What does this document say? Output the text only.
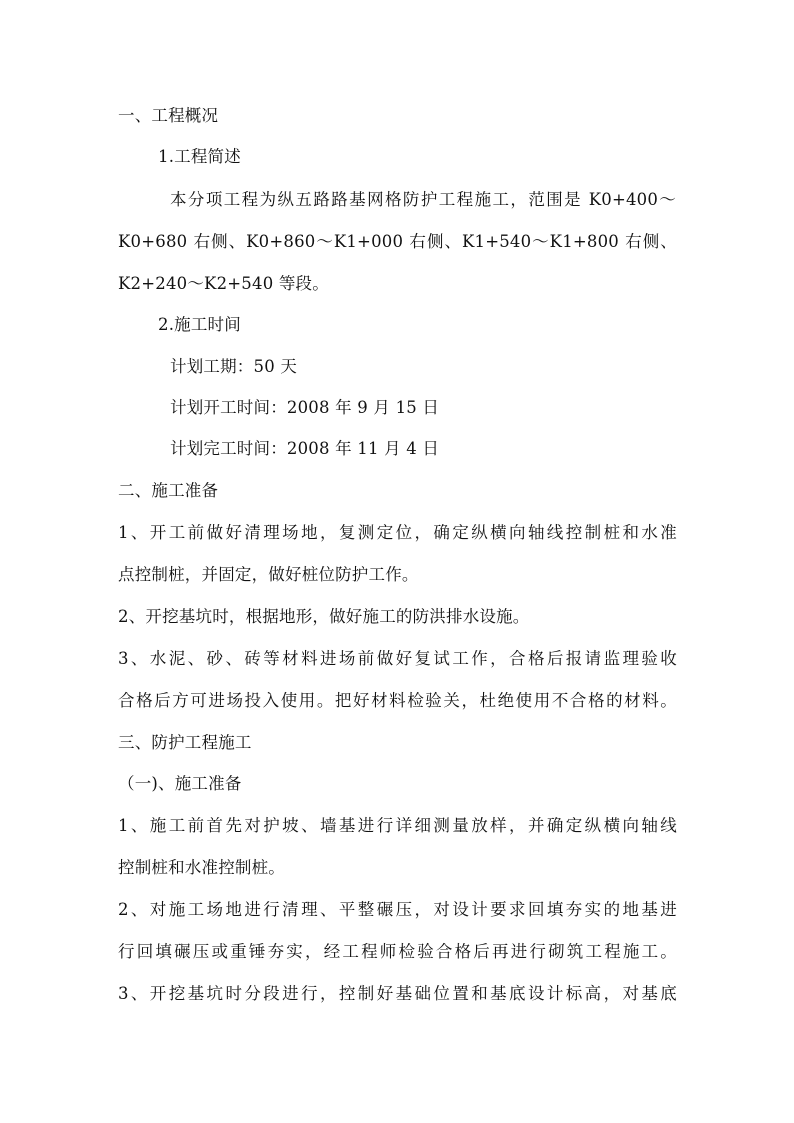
一、工程概况
1.工程简述
本分项工程为纵五路路基网格防护工程施工，范围是 K0+400～
K0+680 右侧、K0+860～K1+000 右侧、K1+540～K1+800 右侧、
K2+240～K2+540 等段。
2.施工时间
计划工期：50 天
计划开工时间：2008 年 9 月 15 日
计划完工时间：2008 年 11 月 4 日
二、施工准备
1、开工前做好清理场地，复测定位，确定纵横向轴线控制桩和水准
点控制桩，并固定，做好桩位防护工作。
2、开挖基坑时，根据地形，做好施工的防洪排水设施。
3、水泥、砂、砖等材料进场前做好复试工作，合格后报请监理验收
合格后方可进场投入使用。把好材料检验关，杜绝使用不合格的材料。
三、防护工程施工
（一)、施工准备
1、施工前首先对护坡、墙基进行详细测量放样，并确定纵横向轴线
控制桩和水准控制桩。
2、对施工场地进行清理、平整碾压，对设计要求回填夯实的地基进
行回填碾压或重锤夯实，经工程师检验合格后再进行砌筑工程施工。
3、开挖基坑时分段进行，控制好基础位置和基底设计标高，对基底
